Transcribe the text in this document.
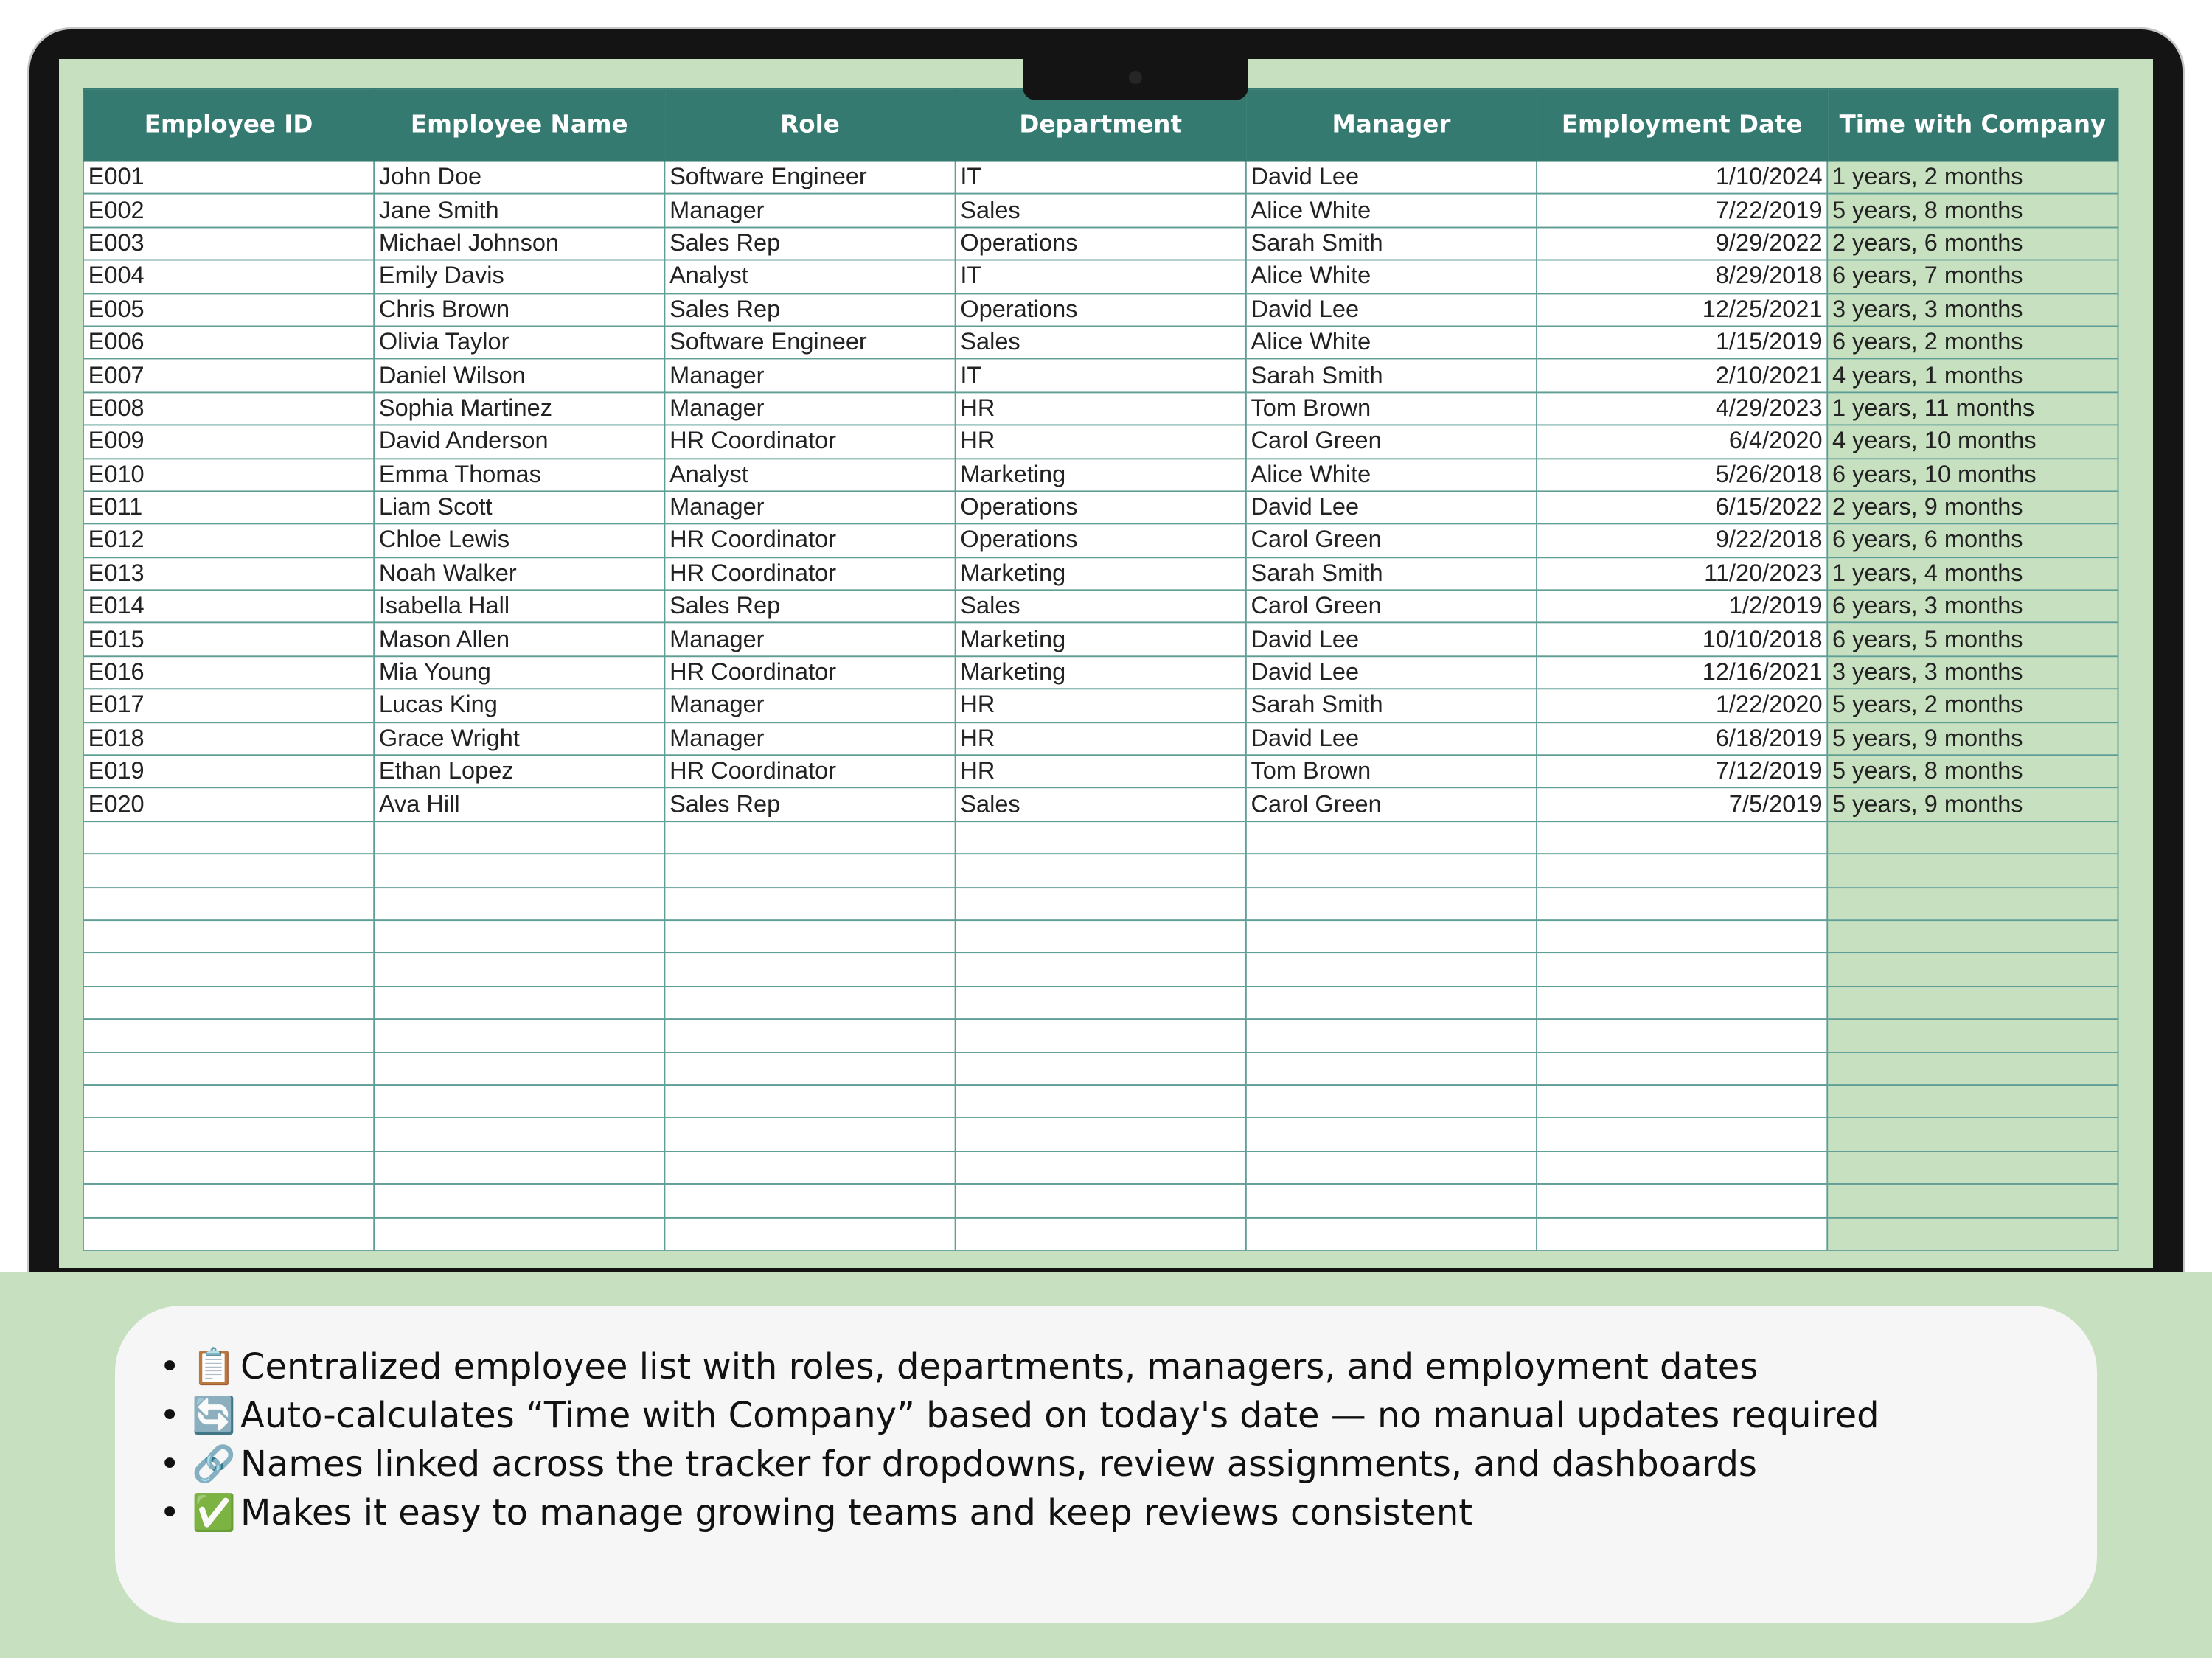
Employee ID	Employee Name	Role	Department	Manager	Employment Date	Time with Company
E001	John Doe	Software Engineer	IT	David Lee	1/10/2024	1 years, 2 months
E002	Jane Smith	Manager	Sales	Alice White	7/22/2019	5 years, 8 months
E003	Michael Johnson	Sales Rep	Operations	Sarah Smith	9/29/2022	2 years, 6 months
E004	Emily Davis	Analyst	IT	Alice White	8/29/2018	6 years, 7 months
E005	Chris Brown	Sales Rep	Operations	David Lee	12/25/2021	3 years, 3 months
E006	Olivia Taylor	Software Engineer	Sales	Alice White	1/15/2019	6 years, 2 months
E007	Daniel Wilson	Manager	IT	Sarah Smith	2/10/2021	4 years, 1 months
E008	Sophia Martinez	Manager	HR	Tom Brown	4/29/2023	1 years, 11 months
E009	David Anderson	HR Coordinator	HR	Carol Green	6/4/2020	4 years, 10 months
E010	Emma Thomas	Analyst	Marketing	Alice White	5/26/2018	6 years, 10 months
E011	Liam Scott	Manager	Operations	David Lee	6/15/2022	2 years, 9 months
E012	Chloe Lewis	HR Coordinator	Operations	Carol Green	9/22/2018	6 years, 6 months
E013	Noah Walker	HR Coordinator	Marketing	Sarah Smith	11/20/2023	1 years, 4 months
E014	Isabella Hall	Sales Rep	Sales	Carol Green	1/2/2019	6 years, 3 months
E015	Mason Allen	Manager	Marketing	David Lee	10/10/2018	6 years, 5 months
E016	Mia Young	HR Coordinator	Marketing	David Lee	12/16/2021	3 years, 3 months
E017	Lucas King	Manager	HR	Sarah Smith	1/22/2020	5 years, 2 months
E018	Grace Wright	Manager	HR	David Lee	6/18/2019	5 years, 9 months
E019	Ethan Lopez	HR Coordinator	HR	Tom Brown	7/12/2019	5 years, 8 months
E020	Ava Hill	Sales Rep	Sales	Carol Green	7/5/2019	5 years, 9 months

• 📋 Centralized employee list with roles, departments, managers, and employment dates
• 🔄 Auto-calculates “Time with Company” based on today's date — no manual updates required
• 🔗 Names linked across the tracker for dropdowns, review assignments, and dashboards
• ✅ Makes it easy to manage growing teams and keep reviews consistent
